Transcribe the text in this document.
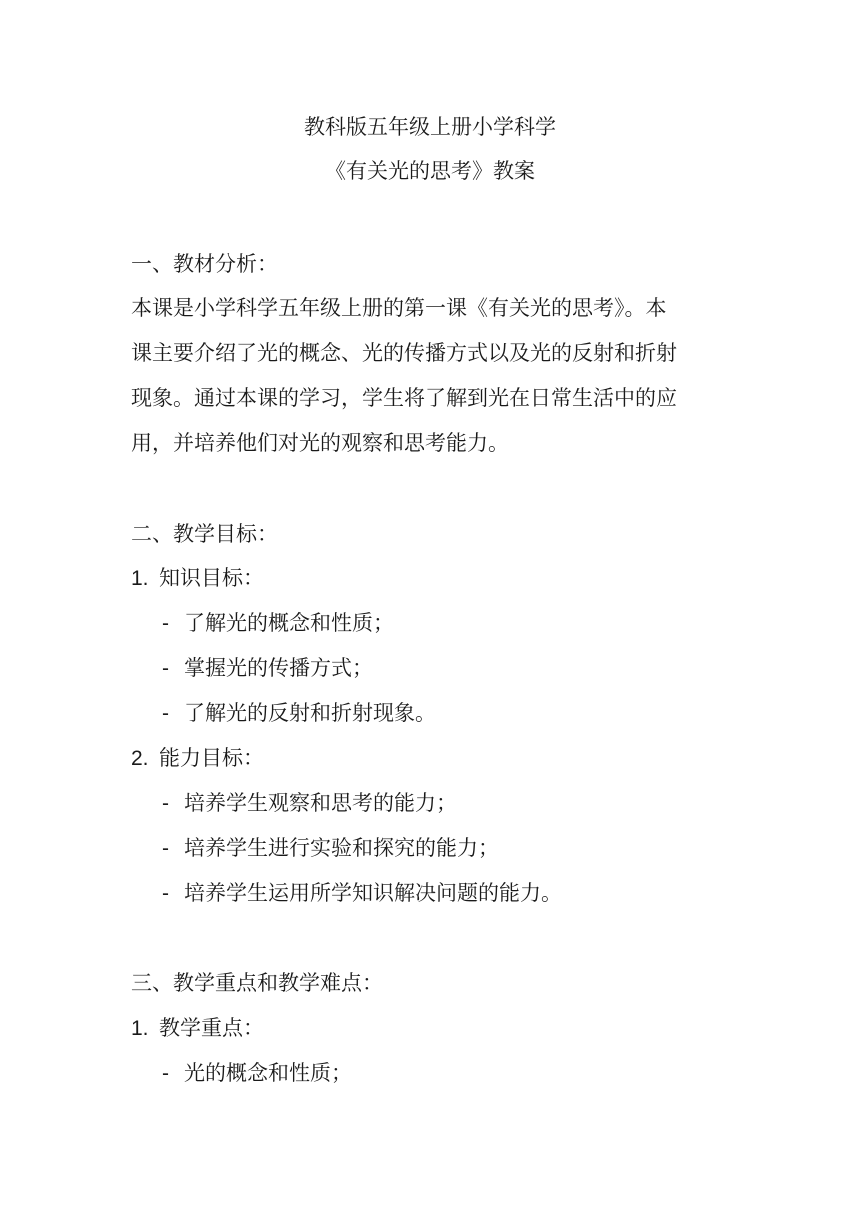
教科版五年级上册小学科学
《有关光的思考》教案
一、教材分析：
本课是小学科学五年级上册的第一课《有关光的思考》。本
课主要介绍了光的概念、光的传播方式以及光的反射和折射
现象。通过本课的学习，学生将了解到光在日常生活中的应
用，并培养他们对光的观察和思考能力。
二、教学目标：
1. 知识目标：
- 了解光的概念和性质；
- 掌握光的传播方式；
- 了解光的反射和折射现象。
2. 能力目标：
- 培养学生观察和思考的能力；
- 培养学生进行实验和探究的能力；
- 培养学生运用所学知识解决问题的能力。
三、教学重点和教学难点：
1. 教学重点：
- 光的概念和性质；
